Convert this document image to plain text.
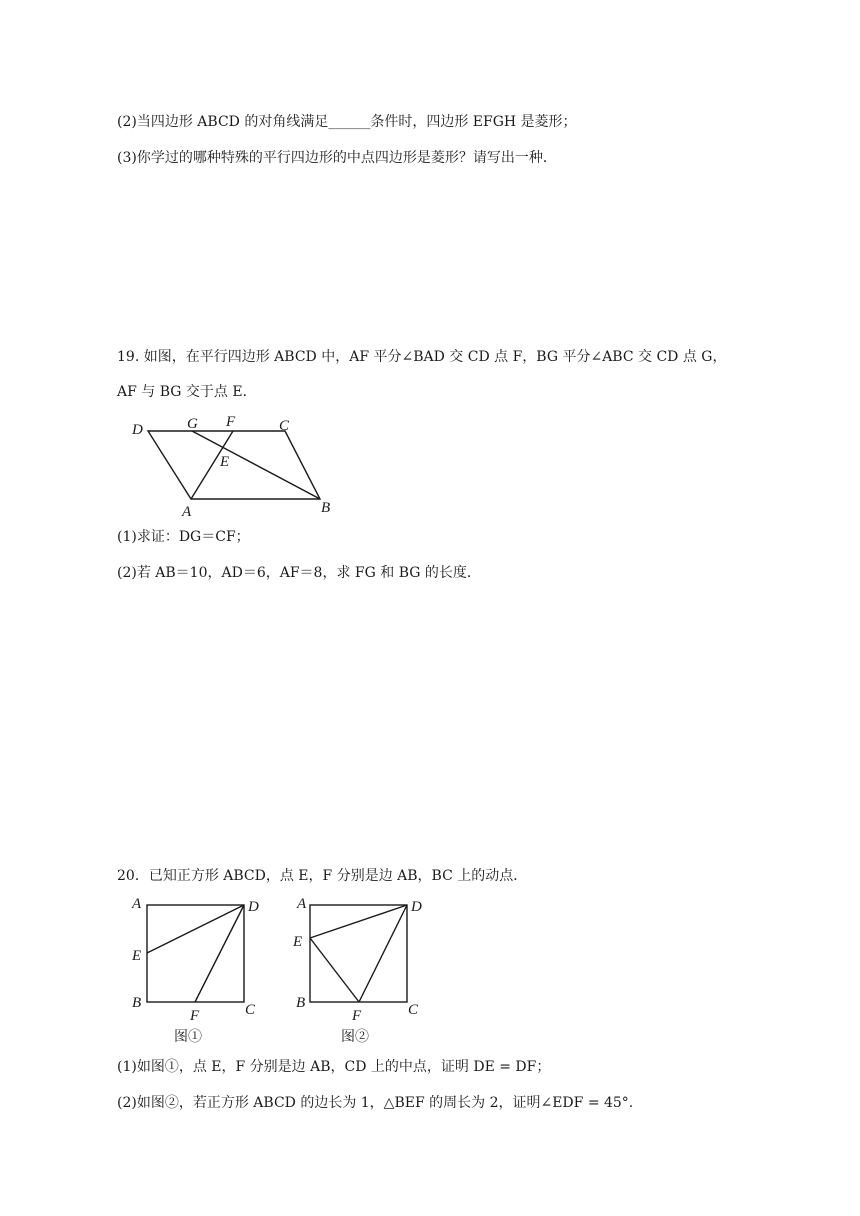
(2)当四边形 ABCD 的对角线满足______条件时，四边形 EFGH 是菱形；
(3)你学过的哪种特殊的平行四边形的中点四边形是菱形？请写出一种．
19. 如图，在平行四边形 ABCD 中，AF 平分∠BAD 交 CD 点 F，BG 平分∠ABC 交 CD 点 G，
AF 与 BG 交于点 E．
D	G F	C
E
A	B
(1)求证：DG＝CF；
(2)若 AB＝10，AD＝6，AF＝8，求 FG 和 BG 的长度．
20．已知正方形 ABCD，点 E，F 分别是边 AB，BC 上的动点．
A	D
E
B
F	C
图①
A	D
E
B
F	C
图②
(1)如图①，点 E，F 分别是边 AB，CD 上的中点，证明 DE = DF；
(2)如图②，若正方形 ABCD 的边长为 1，△BEF 的周长为 2，证明∠EDF = 45°.
